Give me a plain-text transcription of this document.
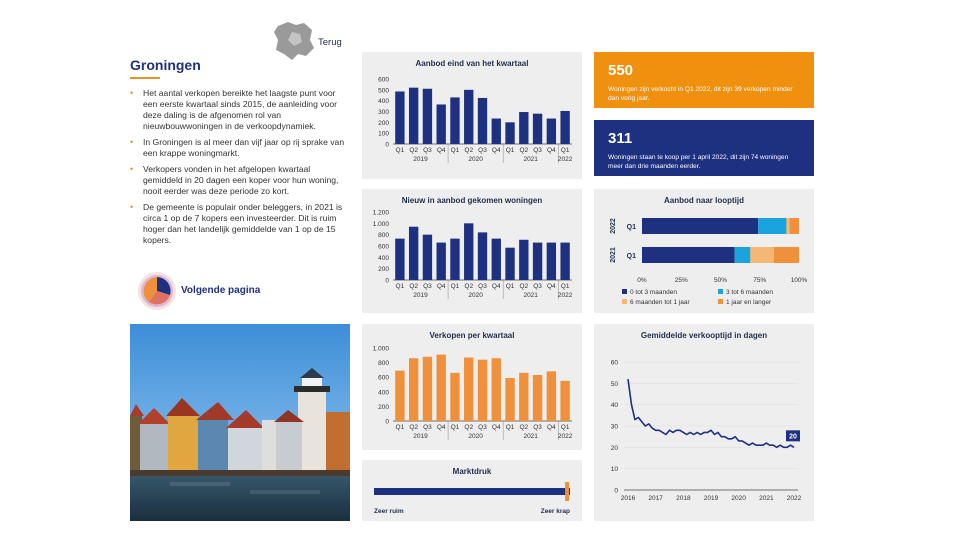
Terug
Groningen
• Het aantal verkopen bereikte het laagste punt voor een eerste kwartaal sinds 2015, de aanleiding voor deze daling is de afgenomen rol van nieuwbouwwoningen in de verkoopdynamiek.
• In Groningen is al meer dan vijf jaar op rij sprake van een krappe woningmarkt.
• Verkopers vonden in het afgelopen kwartaal gemiddeld in 20 dagen een koper voor hun woning, nooit eerder was deze periode zo kort.
• De gemeente is populair onder beleggers, in 2021 is circa 1 op de 7 kopers een investeerder. Dit is ruim hoger dan het landelijk gemiddelde van 1 op de 15 kopers.
Volgende pagina
Aanbod eind van het kwartaal
0
100
200
300
400
500
600
Q1 Q2 Q3 Q4 Q1 Q2 Q3 Q4 Q1 Q2 Q3 Q4 Q1
2019	2020	2021	2022
Nieuw in aanbod gekomen woningen
0
200
400
600
800
1.000
1.200
Q1 Q2 Q3 Q4 Q1 Q2 Q3 Q4 Q1 Q2 Q3 Q4 Q1
2019	2020	2021	2022
Verkopen per kwartaal
0
200
400
600
800
1.000
Q1 Q2 Q3 Q4 Q1 Q2 Q3 Q4 Q1 Q2 Q3 Q4 Q1
2019	2020	2021	2022
Marktdruk
Zeer ruim	Zeer krap
550
Woningen zijn verkocht in Q1 2022, dit zijn 39 verkopen minder dan vorig jaar.
311
Woningen staan te koop per 1 april 2022, dit zijn 74 woningen meer dan drie maanden eerder.
Aanbod naar looptijd
Q1
2022
Q1
2021
0%	25%	50%	75%	100%
0 tot 3 maanden	3 tot 6 maanden
6 maanden tot 1 jaar	1 jaar en langer
Gemiddelde verkooptijd in dagen
0
10
20
30
40
50
60
2016 2017 2018 2019 2020 2021 2022
20
